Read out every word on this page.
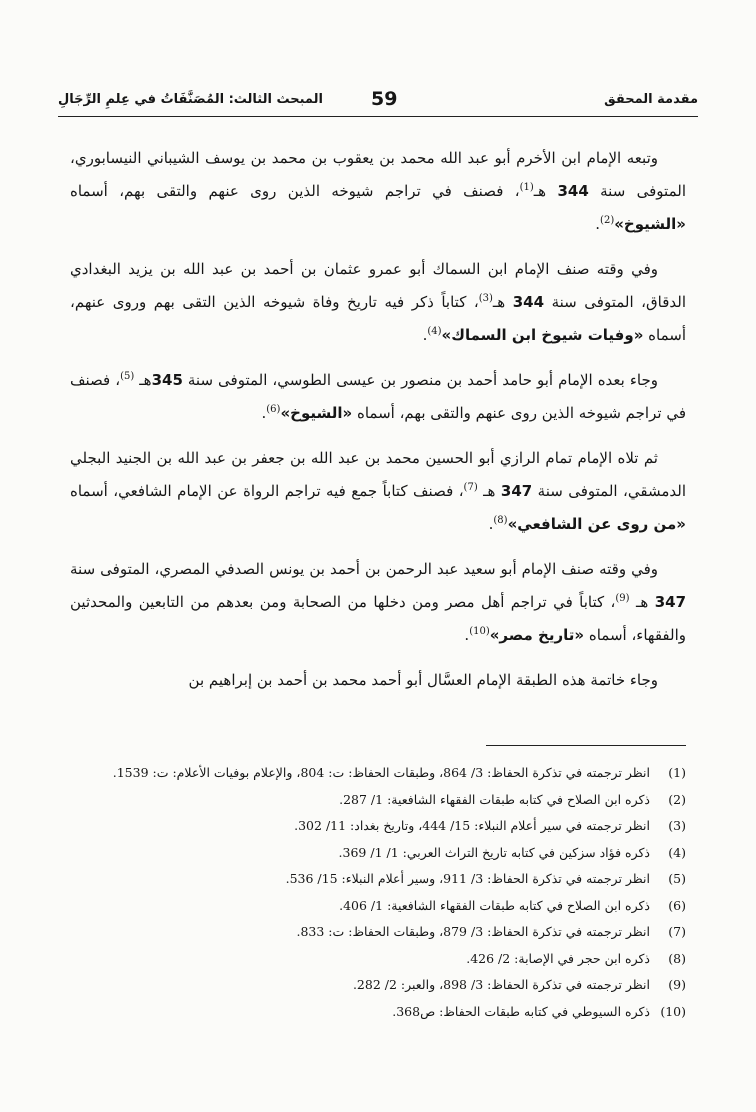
المبحث الثالث: المُصَنَّفَاتُ في عِلمِ الرِّجَالِ	59	مقدمة المحقق

وتبعه الإمام ابن الأخرم أبو عبد الله محمد بن يعقوب بن محمد بن يوسف الشيباني النيسابوري، المتوفى سنة 344 هـ$^{(1)}$، فصنف في تراجم شيوخه الذين روى عنهم والتقى بهم، أسماه «الشيوخ»$^{(2)}$.

وفي وقته صنف الإمام ابن السماك أبو عمرو عثمان بن أحمد بن عبد الله بن يزيد البغدادي الدقاق، المتوفى سنة 344 هـ$^{(3)}$، كتاباً ذكر فيه تاريخ وفاة شيوخه الذين التقى بهم وروى عنهم، أسماه «وفيات شيوخ ابن السماك»$^{(4)}$.

وجاء بعده الإمام أبو حامد أحمد بن منصور بن عيسى الطوسي، المتوفى سنة 345هـ $^{(5)}$، فصنف في تراجم شيوخه الذين روى عنهم والتقى بهم، أسماه «الشيوخ»$^{(6)}$.

ثم تلاه الإمام تمام الرازي أبو الحسين محمد بن عبد الله بن جعفر بن عبد الله بن الجنيد البجلي الدمشقي، المتوفى سنة 347 هـ $^{(7)}$، فصنف كتاباً جمع فيه تراجم الرواة عن الإمام الشافعي، أسماه «من روى عن الشافعي»$^{(8)}$.

وفي وقته صنف الإمام أبو سعيد عبد الرحمن بن أحمد بن يونس الصدفي المصري، المتوفى سنة 347 هـ $^{(9)}$، كتاباً في تراجم أهل مصر ومن دخلها من الصحابة ومن بعدهم من التابعين والمحدثين والفقهاء، أسماه «تاريخ مصر»$^{(10)}$.

وجاء خاتمة هذه الطبقة الإمام العسَّال أبو أحمد محمد بن أحمد بن إبراهيم بن

(1)
انظر ترجمته في تذكرة الحفاظ: 3/ 864، وطبقات الحفاظ: ت: 804، والإعلام بوفيات الأعلام: ت: 1539.
(2)
ذكره ابن الصلاح في كتابه طبقات الفقهاء الشافعية: 1/ 287.
(3)
انظر ترجمته في سير أعلام النبلاء: 15/ 444، وتاريخ بغداد: 11/ 302.
(4)
ذكره فؤاد سزكين في كتابه تاريخ التراث العربي: 1/ 1/ 369.
(5)
انظر ترجمته في تذكرة الحفاظ: 3/ 911، وسير أعلام النبلاء: 15/ 536.
(6)
ذكره ابن الصلاح في كتابه طبقات الفقهاء الشافعية: 1/ 406.
(7)
انظر ترجمته في تذكرة الحفاظ: 3/ 879، وطبقات الحفاظ: ت: 833.
(8)
ذكره ابن حجر في الإصابة: 2/ 426.
(9)
انظر ترجمته في تذكرة الحفاظ: 3/ 898، والعبر: 2/ 282.
(10)
ذكره السيوطي في كتابه طبقات الحفاظ: ص368.
